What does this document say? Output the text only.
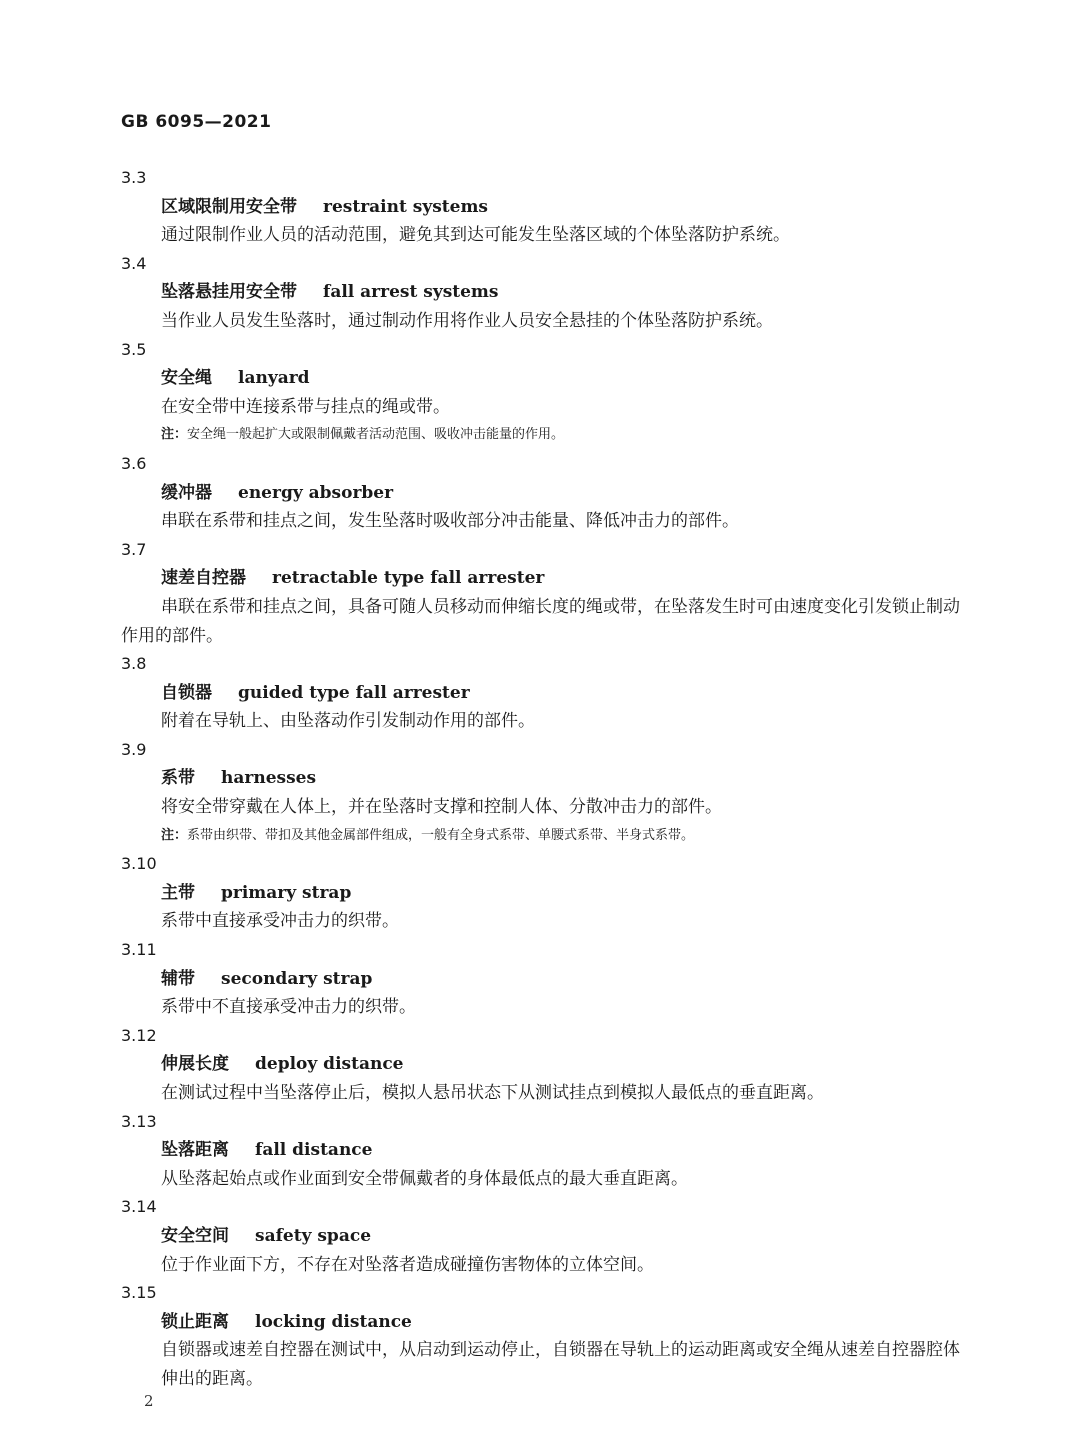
GB 6095—2021
3.3
区域限制用安全带 restraint systems
通过限制作业人员的活动范围，避免其到达可能发生坠落区域的个体坠落防护系统。
3.4
坠落悬挂用安全带 fall arrest systems
当作业人员发生坠落时，通过制动作用将作业人员安全悬挂的个体坠落防护系统。
3.5
安全绳 lanyard
在安全带中连接系带与挂点的绳或带。
注：安全绳一般起扩大或限制佩戴者活动范围、吸收冲击能量的作用。
3.6
缓冲器 energy absorber
串联在系带和挂点之间，发生坠落时吸收部分冲击能量、降低冲击力的部件。
3.7
速差自控器 retractable type fall arrester
串联在系带和挂点之间，具备可随人员移动而伸缩长度的绳或带，在坠落发生时可由速度变化引发锁止制动作用的部件。
3.8
自锁器 guided type fall arrester
附着在导轨上、由坠落动作引发制动作用的部件。
3.9
系带 harnesses
将安全带穿戴在人体上，并在坠落时支撑和控制人体、分散冲击力的部件。
注：系带由织带、带扣及其他金属部件组成，一般有全身式系带、单腰式系带、半身式系带。
3.10
主带 primary strap
系带中直接承受冲击力的织带。
3.11
辅带 secondary strap
系带中不直接承受冲击力的织带。
3.12
伸展长度 deploy distance
在测试过程中当坠落停止后，模拟人悬吊状态下从测试挂点到模拟人最低点的垂直距离。
3.13
坠落距离 fall distance
从坠落起始点或作业面到安全带佩戴者的身体最低点的最大垂直距离。
3.14
安全空间 safety space
位于作业面下方，不存在对坠落者造成碰撞伤害物体的立体空间。
3.15
锁止距离 locking distance
自锁器或速差自控器在测试中，从启动到运动停止，自锁器在导轨上的运动距离或安全绳从速差自控器腔体伸出的距离。
2
